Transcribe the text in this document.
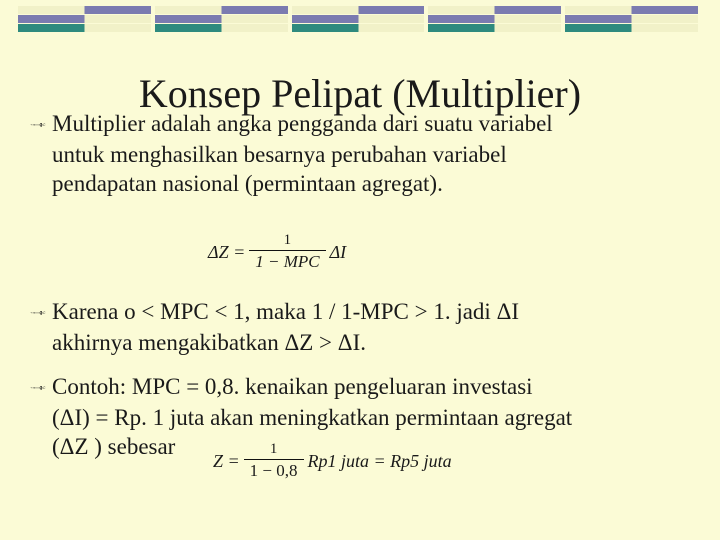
Konsep Pelipat (Multiplier)
🙬 Multiplier adalah angka pengganda dari suatu variabel
untuk menghasilkan besarnya perubahan variabel
pendapatan nasional (permintaan agregat).
$\Delta Z = \frac{1}{\text{1 − MPC}}$ ΔI
🙬 Karena o < MPC < 1, maka 1 / 1-MPC > 1. jadi ΔI
akhirnya mengakibatkan ΔZ > ΔI.
🙬 Contoh: MPC = 0,8. kenaikan pengeluaran investasi
(ΔI) = Rp. 1 juta akan meningkatkan permintaan agregat
(ΔZ ) sebesar
$Z = \frac{1}{1 - 0,8} Rp1$ juta = Rp5 juta
